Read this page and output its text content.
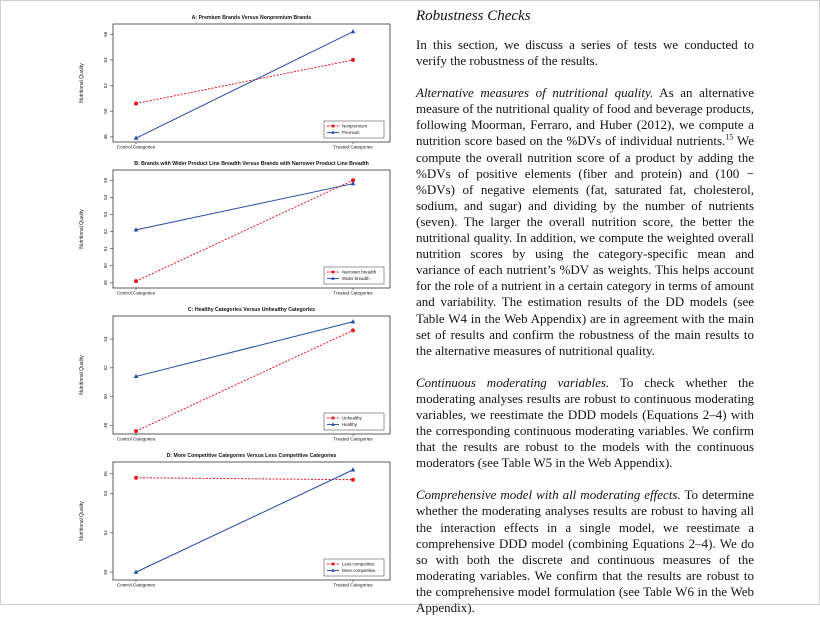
A: Premium Brands Versus Nonpremium Brands
Nutritional Quality
48
50
52
54
56
Control Categories	Treated Categories
Nonpremium
Premium
B: Brands with Wider Product Line Breadth Versus Brands with Narrower Product Line Breadth
Nutritional Quality
49
50
51
52
53
54
55
Control Categories	Treated Categories
Narrower breadth
Wider breadth
C: Healthy Categories Versus Unhealthy Categories
Nutritional Quality
48
50
52
54
Control Categories	Treated Categories
Unhealthy
Healthy
D: More Competitive Categories Versus Less Competitive Categories
Nutritional Quality
50
52
54
55
Control Categories	Treated Categories
Less competitive
More competitive
Robustness Checks

In this section, we discuss a series of tests we conducted to verify the robustness of the results.

Alternative measures of nutritional quality. As an alternative measure of the nutritional quality of food and beverage products, following Moorman, Ferraro, and Huber (2012), we compute a nutrition score based on the %DVs of individual nutrients.$^{15}$ We compute the overall nutrition score of a product by adding the %DVs of positive elements (fiber and protein) and (100 − %DVs) of negative elements (fat, saturated fat, cholesterol, sodium, and sugar) and dividing by the number of nutrients (seven). The larger the overall nutrition score, the better the nutritional quality. In addition, we compute the weighted overall nutrition scores by using the category-specific mean and variance of each nutrient’s %DV as weights. This helps account for the role of a nutrient in a certain category in terms of amount and variability. The estimation results of the DD models (see Table W4 in the Web Appendix) are in agreement with the main set of results and confirm the robustness of the main results to the alternative measures of nutritional quality.

Continuous moderating variables. To check whether the moderating analyses results are robust to continuous moderating variables, we reestimate the DDD models (Equations 2–4) with the corresponding continuous moderating variables. We confirm that the results are robust to the models with the continuous moderators (see Table W5 in the Web Appendix).

Comprehensive model with all moderating effects. To determine whether the moderating analyses results are robust to having all the interaction effects in a single model, we reestimate a comprehensive DDD model (combining Equations 2–4). We do so with both the discrete and continuous measures of the moderating variables. We confirm that the results are robust to the comprehensive model formulation (see Table W6 in the Web Appendix).
